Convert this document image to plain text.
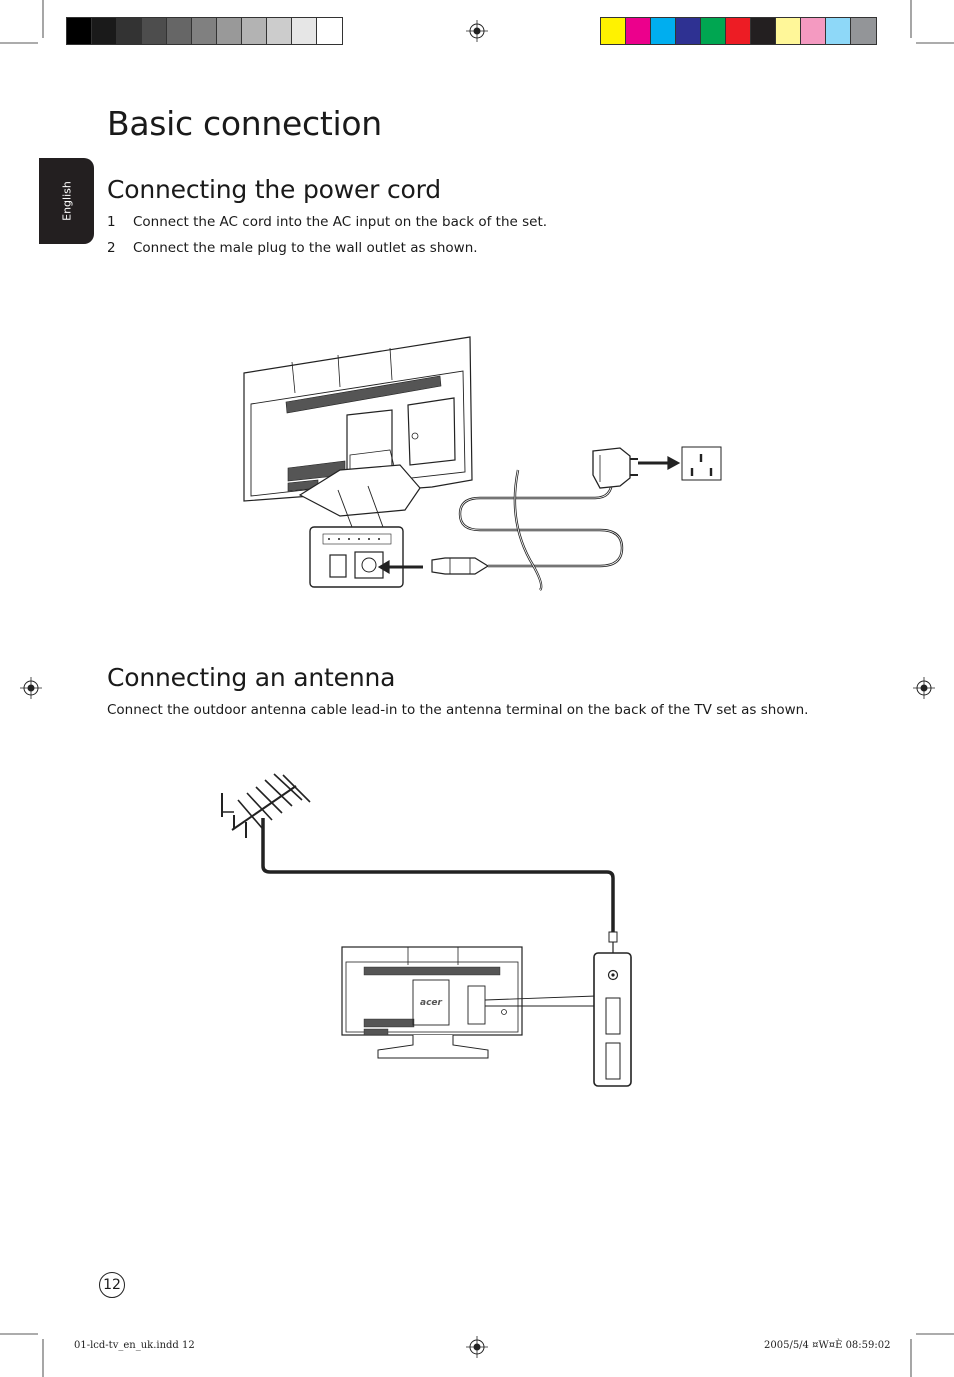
English
Basic connection
Connecting the power cord
1 Connect the AC cord into the AC input on the back of the set.
2 Connect the male plug to the wall outlet as shown.
Connecting an antenna
Connect the outdoor antenna cable lead-in to the antenna terminal on the back of the TV set as shown.
acer
12
01-lcd-tv_en_uk.indd 12	2005/5/4 ¤W¤È 08:59:02
